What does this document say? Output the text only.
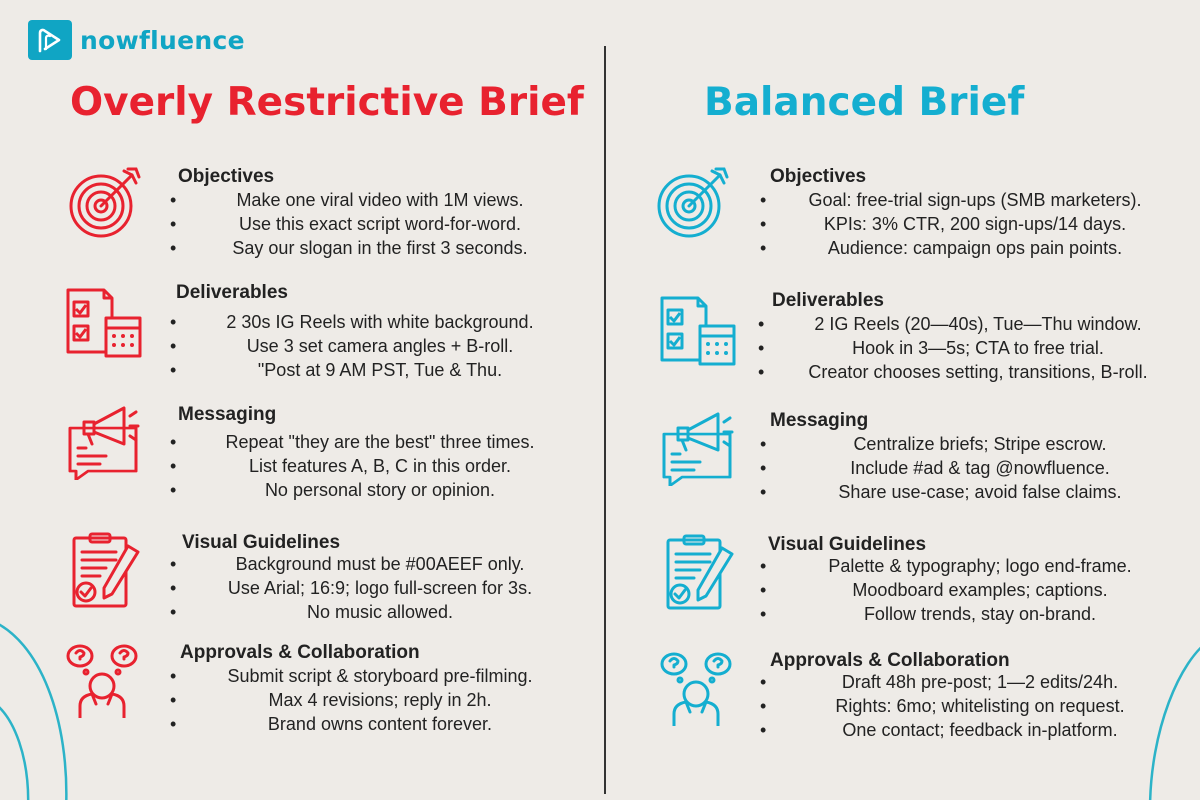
nowfluence
Overly Restrictive Brief
Objectives
• Make one viral video with 1M views.
• Use this exact script word-for-word.
• Say our slogan in the first 3 seconds.
Deliverables
• 2 30s IG Reels with white background.
• Use 3 set camera angles + B-roll.
• "Post at 9 AM PST, Tue & Thu.
Messaging
• Repeat "they are the best" three times.
• List features A, B, C in this order.
• No personal story or opinion.
Visual Guidelines
• Background must be #00AEEF only.
• Use Arial; 16:9; logo full-screen for 3s.
• No music allowed.
Approvals & Collaboration
• Submit script & storyboard pre-filming.
• Max 4 revisions; reply in 2h.
• Brand owns content forever.
Balanced Brief
Objectives
• Goal: free-trial sign-ups (SMB marketers).
• KPIs: 3% CTR, 200 sign-ups/14 days.
• Audience: campaign ops pain points.
Deliverables
• 2 IG Reels (20—40s), Tue—Thu window.
• Hook in 3—5s; CTA to free trial.
• Creator chooses setting, transitions, B-roll.
Messaging
• Centralize briefs; Stripe escrow.
• Include #ad & tag @nowfluence.
• Share use-case; avoid false claims.
Visual Guidelines
• Palette & typography; logo end-frame.
• Moodboard examples; captions.
• Follow trends, stay on-brand.
Approvals & Collaboration
• Draft 48h pre-post; 1—2 edits/24h.
• Rights: 6mo; whitelisting on request.
• One contact; feedback in-platform.
